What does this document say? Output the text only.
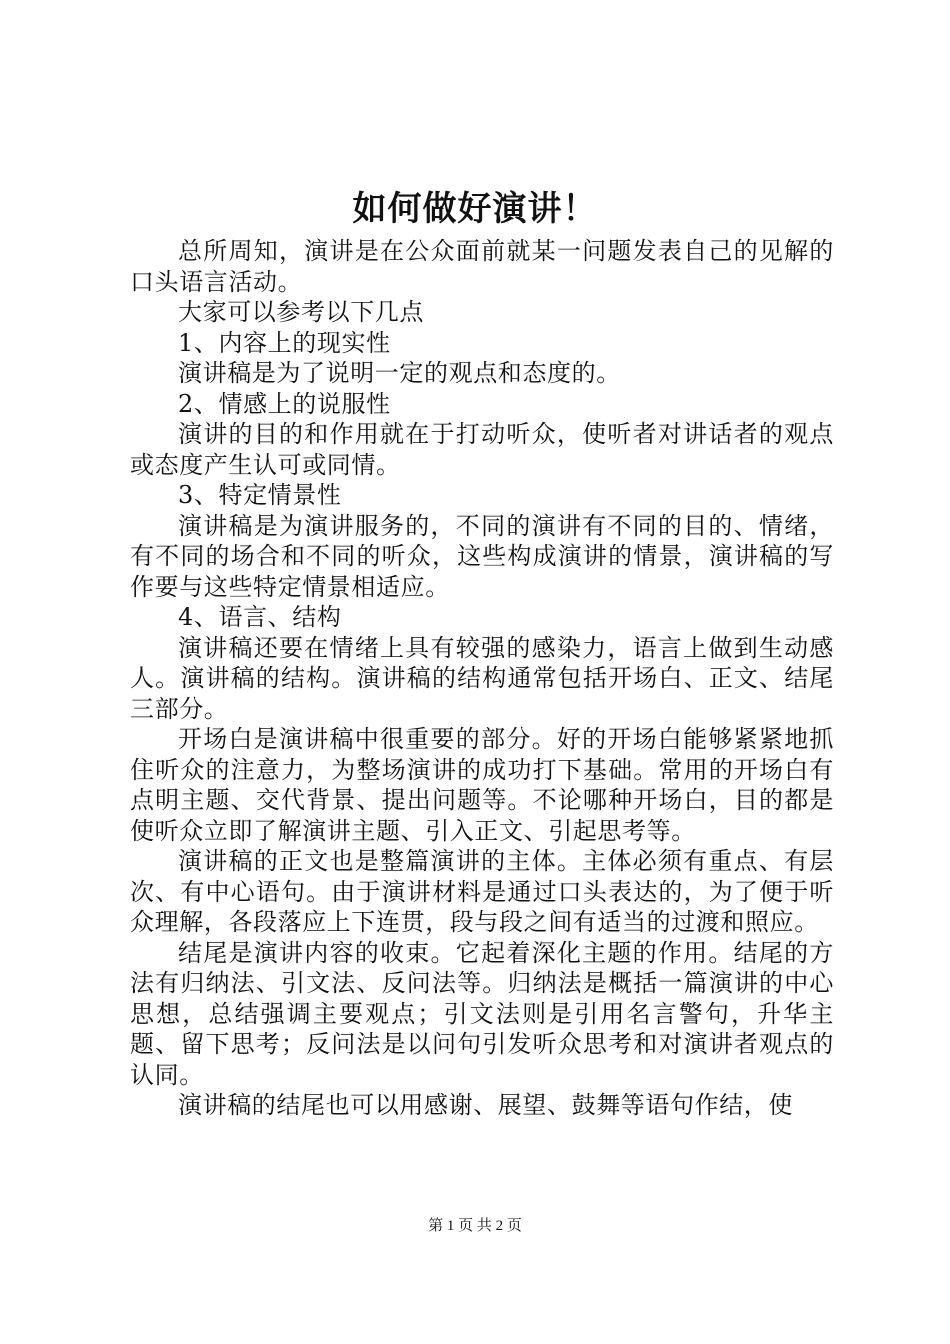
如何做好演讲！

总所周知，演讲是在公众面前就某一问题发表自己的见解的口头语言活动。

大家可以参考以下几点

1、内容上的现实性

演讲稿是为了说明一定的观点和态度的。

2、情感上的说服性

演讲的目的和作用就在于打动听众，使听者对讲话者的观点或态度产生认可或同情。

3、特定情景性

演讲稿是为演讲服务的，不同的演讲有不同的目的、情绪，有不同的场合和不同的听众，这些构成演讲的情景，演讲稿的写作要与这些特定情景相适应。

4、语言、结构

演讲稿还要在情绪上具有较强的感染力，语言上做到生动感人。演讲稿的结构。演讲稿的结构通常包括开场白、正文、结尾三部分。

开场白是演讲稿中很重要的部分。好的开场白能够紧紧地抓住听众的注意力，为整场演讲的成功打下基础。常用的开场白有点明主题、交代背景、提出问题等。不论哪种开场白，目的都是使听众立即了解演讲主题、引入正文、引起思考等。

演讲稿的正文也是整篇演讲的主体。主体必须有重点、有层次、有中心语句。由于演讲材料是通过口头表达的，为了便于听众理解，各段落应上下连贯，段与段之间有适当的过渡和照应。

结尾是演讲内容的收束。它起着深化主题的作用。结尾的方法有归纳法、引文法、反问法等。归纳法是概括一篇演讲的中心思想，总结强调主要观点；引文法则是引用名言警句，升华主题、留下思考；反问法是以问句引发听众思考和对演讲者观点的认同。

演讲稿的结尾也可以用感谢、展望、鼓舞等语句作结，使

第 1 页 共 2 页
